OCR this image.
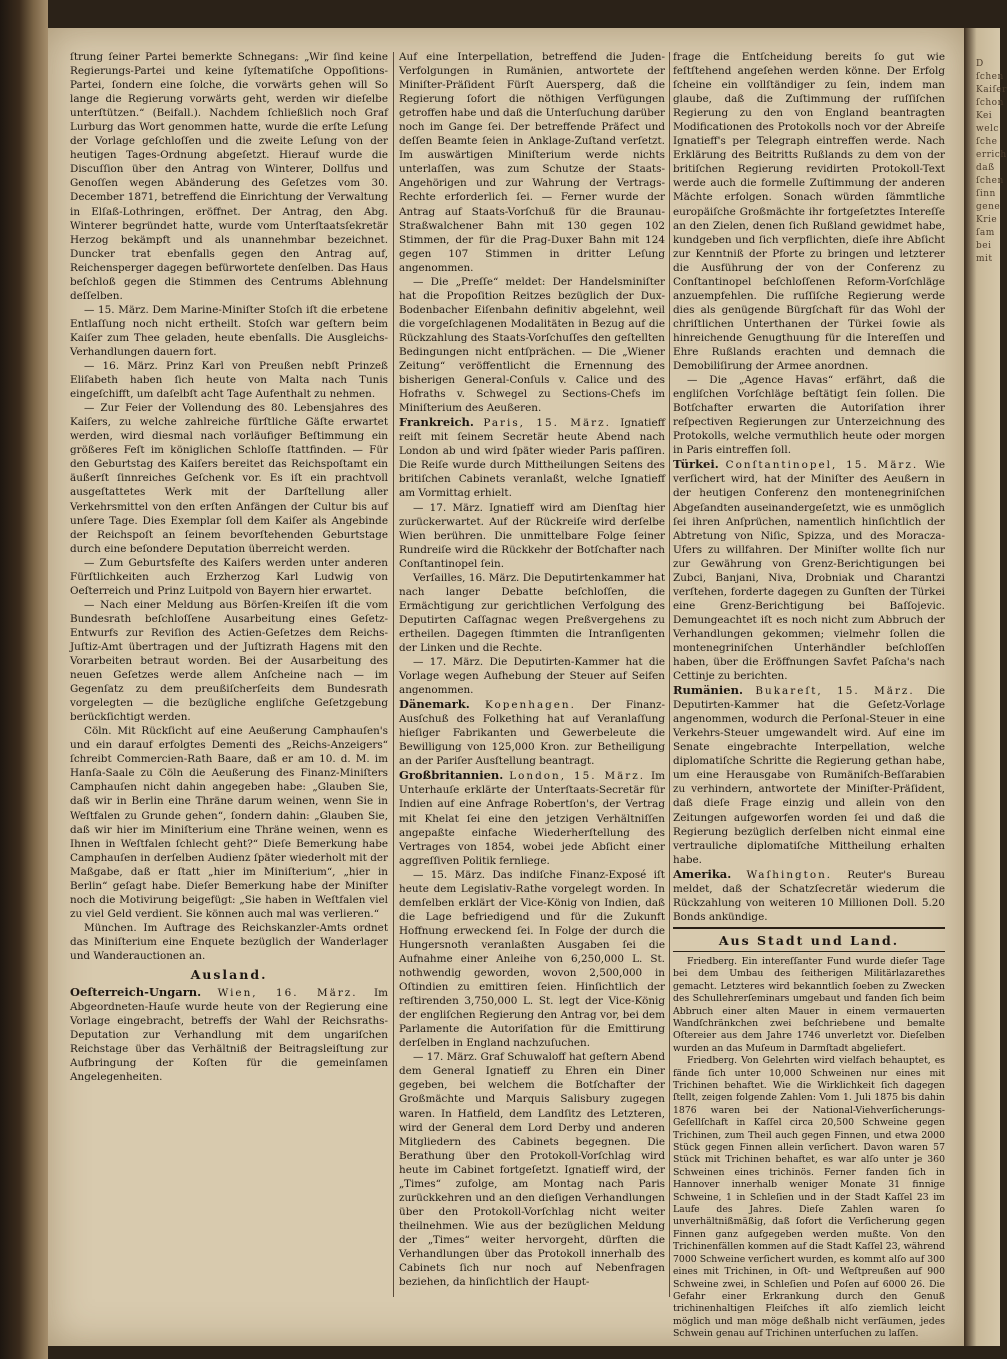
D ſchen Kaiſer ſchon Kei welc ſche errich daß ſchen ſinn gene Krie ſam bei mit

ſtrung ſeiner Partei bemerkte Schnegans: „Wir ſind keine Regierungs-Partei und keine ſyſtematiſche Oppoſitions-Partei, ſondern eine ſolche, die vorwärts gehen will So lange die Regierung vorwärts geht, werden wir dieſelbe unterſtützen.“ (Beifall.). Nachdem ſchließlich noch Graf Lurburg das Wort genommen hatte, wurde die erſte Leſung der Vorlage geſchloſſen und die zweite Leſung von der heutigen Tages-Ordnung abgeſetzt. Hierauf wurde die Discuſſion über den Antrag von Winterer, Dollfus und Genoſſen wegen Abänderung des Geſetzes vom 30. December 1871, betreffend die Einrichtung der Verwaltung in Elſaß-Lothringen, eröffnet. Der Antrag, den Abg. Winterer begründet hatte, wurde vom Unterſtaatsſekretär Herzog bekämpft und als unannehmbar bezeichnet. Duncker trat ebenfalls gegen den Antrag auf, Reichensperger dagegen befürwortete denſelben. Das Haus beſchloß gegen die Stimmen des Centrums Ablehnung deſſelben.

— 15. März. Dem Marine-Miniſter Stoſch iſt die erbetene Entlaſſung noch nicht ertheilt. Stoſch war geſtern beim Kaiſer zum Thee geladen, heute ebenſalls. Die Ausgleichs-Verhandlungen dauern fort.

— 16. März. Prinz Karl von Preußen nebſt Prinzeß Eliſabeth haben ſich heute von Malta nach Tunis eingeſchifft, um daſelbſt acht Tage Aufenthalt zu nehmen.

— Zur Feier der Vollendung des 80. Lebensjahres des Kaiſers, zu welche zahlreiche fürſtliche Gäſte erwartet werden, wird diesmal nach vorläufiger Beſtimmung ein größeres Feſt im königlichen Schloſſe ſtattfinden. — Für den Geburtstag des Kaiſers bereitet das Reichspoſtamt ein äußerſt ſinnreiches Geſchenk vor. Es iſt ein prachtvoll ausgeſtattetes Werk mit der Darſtellung aller Verkehrsmittel von den erſten Anfängen der Cultur bis auf unſere Tage. Dies Exemplar ſoll dem Kaiſer als Angebinde der Reichspoſt an ſeinem bevorſtehenden Geburtstage durch eine beſondere Deputation überreicht werden.

— Zum Geburtsfeſte des Kaiſers werden unter anderen Fürſtlichkeiten auch Erzherzog Karl Ludwig von Oeſterreich und Prinz Luitpold von Bayern hier erwartet.

— Nach einer Meldung aus Börſen-Kreiſen iſt die vom Bundesrath beſchloſſene Ausarbeitung eines Geſetz-Entwurfs zur Reviſion des Actien-Geſetzes dem Reichs-Juſtiz-Amt übertragen und der Juſtizrath Hagens mit den Vorarbeiten betraut worden. Bei der Ausarbeitung des neuen Geſetzes werde allem Anſcheine nach — im Gegenſatz zu dem preußiſcherſeits dem Bundesrath vorgelegten — die bezügliche engliſche Geſetzgebung berückſichtigt werden.

Cöln. Mit Rückſicht auf eine Aeußerung Camphauſen's und ein darauf erfolgtes Dementi des „Reichs-Anzeigers“ ſchreibt Commercien-Rath Baare, daß er am 10. d. M. im Hanſa-Saale zu Cöln die Aeußerung des Finanz-Miniſters Camphauſen nicht dahin angegeben habe: „Glauben Sie, daß wir in Berlin eine Thräne darum weinen, wenn Sie in Weſtfalen zu Grunde gehen“, ſondern dahin: „Glauben Sie, daß wir hier im Miniſterium eine Thräne weinen, wenn es Ihnen in Weſtfalen ſchlecht geht?“ Dieſe Bemerkung habe Camphauſen in derſelben Audienz ſpäter wiederholt mit der Maßgabe, daß er ſtatt „hier im Miniſterium“, „hier in Berlin“ geſagt habe. Dieſer Bemerkung habe der Miniſter noch die Motivirung beigefügt: „Sie haben in Weſtfalen viel zu viel Geld verdient. Sie können auch mal was verlieren.“

München. Im Auftrage des Reichskanzler-Amts ordnet das Miniſterium eine Enquete bezüglich der Wanderlager und Wanderauctionen an.

Ausland.

Oeſterreich-Ungarn. Wien, 16. März. Im Abgeordneten-Hauſe wurde heute von der Regierung eine Vorlage eingebracht, betreffs der Wahl der Reichsraths-Deputation zur Verhandlung mit dem ungariſchen Reichstage über das Verhältniß der Beitragsleiſtung zur Aufbringung der Koſten für die gemeinſamen Angelegenheiten.

Auf eine Interpellation, betreffend die Juden-Verfolgungen in Rumänien, antwortete der Miniſter-Präſident Fürſt Auersperg, daß die Regierung ſofort die nöthigen Verfügungen getroffen habe und daß die Unterſuchung darüber noch im Gange ſei. Der betreffende Präfect und deſſen Beamte ſeien in Anklage-Zuſtand verſetzt. Im auswärtigen Miniſterium werde nichts unterlaſſen, was zum Schutze der Staats-Angehörigen und zur Wahrung der Vertrags-Rechte erforderlich ſei. — Ferner wurde der Antrag auf Staats-Vorſchuß für die Braunau-Straßwalchener Bahn mit 130 gegen 102 Stimmen, der für die Prag-Duxer Bahn mit 124 gegen 107 Stimmen in dritter Leſung angenommen.

— Die „Preſſe“ meldet: Der Handelsminiſter hat die Propoſition Reitzes bezüglich der Dux-Bodenbacher Eiſenbahn definitiv abgelehnt, weil die vorgeſchlagenen Modalitäten in Bezug auf die Rückzahlung des Staats-Vorſchuſſes den geſtellten Bedingungen nicht entſprächen. — Die „Wiener Zeitung“ veröffentlicht die Ernennung des bisherigen General-Conſuls v. Calice und des Hofraths v. Schwegel zu Sections-Chefs im Miniſterium des Aeußeren.

Frankreich. Paris, 15. März. Ignatieff reiſt mit ſeinem Secretär heute Abend nach London ab und wird ſpäter wieder Paris paſſiren. Die Reiſe wurde durch Mittheilungen Seitens des britiſchen Cabinets veranlaßt, welche Ignatieff am Vormittag erhielt.

— 17. März. Ignatieff wird am Dienſtag hier zurückerwartet. Auf der Rückreiſe wird derſelbe Wien berühren. Die unmittelbare Folge ſeiner Rundreiſe wird die Rückkehr der Botſchafter nach Conſtantinopel ſein.

Verſailles, 16. März. Die Deputirtenkammer hat nach langer Debatte beſchloſſen, die Ermächtigung zur gerichtlichen Verfolgung des Deputirten Caſſagnac wegen Preßvergehens zu ertheilen. Dagegen ſtimmten die Intranſigenten der Linken und die Rechte.

— 17. März. Die Deputirten-Kammer hat die Vorlage wegen Aufhebung der Steuer auf Seifen angenommen.

Dänemark. Kopenhagen. Der Finanz-Ausſchuß des Folkething hat auf Veranlaſſung hieſiger Fabrikanten und Gewerbeleute die Bewilligung von 125,000 Kron. zur Betheiligung an der Pariſer Ausſtellung beantragt.

Großbritannien. London, 15. März. Im Unterhauſe erklärte der Unterſtaats-Secretär für Indien auf eine Anfrage Robertſon's, der Vertrag mit Khelat ſei eine den jetzigen Verhältniſſen angepaßte einfache Wiederherſtellung des Vertrages von 1854, wobei jede Abſicht einer aggreſſiven Politik fernliege.

— 15. März. Das indiſche Finanz-Exposé iſt heute dem Legislativ-Rathe vorgelegt worden. In demſelben erklärt der Vice-König von Indien, daß die Lage befriedigend und für die Zukunft Hoffnung erweckend ſei. In Folge der durch die Hungersnoth veranlaßten Ausgaben ſei die Aufnahme einer Anleihe von 6,250,000 L. St. nothwendig geworden, wovon 2,500,000 in Oſtindien zu emittiren ſeien. Hinſichtlich der reſtirenden 3,750,000 L. St. legt der Vice-König der engliſchen Regierung den Antrag vor, bei dem Parlamente die Autoriſation für die Emittirung derſelben in England nachzuſuchen.

— 17. März. Graf Schuwaloff hat geſtern Abend dem General Ignatieff zu Ehren ein Diner gegeben, bei welchem die Botſchafter der Großmächte und Marquis Salisbury zugegen waren. In Hatfield, dem Landſitz des Letzteren, wird der General dem Lord Derby und anderen Mitgliedern des Cabinets begegnen. Die Berathung über den Protokoll-Vorſchlag wird heute im Cabinet fortgeſetzt. Ignatieff wird, der „Times“ zufolge, am Montag nach Paris zurückkehren und an den dieſigen Verhandlungen über den Protokoll-Vorſchlag nicht weiter theilnehmen. Wie aus der bezüglichen Meldung der „Times“ weiter hervorgeht, dürften die Verhandlungen über das Protokoll innerhalb des Cabinets ſich nur noch auf Nebenfragen beziehen, da hinſichtlich der Haupt-

frage die Entſcheidung bereits ſo gut wie feſtſtehend angeſehen werden könne. Der Erfolg ſcheine ein vollſtändiger zu ſein, indem man glaube, daß die Zuſtimmung der ruſſiſchen Regierung zu den von England beantragten Modificationen des Protokolls noch vor der Abreiſe Ignatieff's per Telegraph eintreffen werde. Nach Erklärung des Beitritts Rußlands zu dem von der britiſchen Regierung revidirten Protokoll-Text werde auch die formelle Zuſtimmung der anderen Mächte erfolgen. Sonach würden ſämmtliche europäiſche Großmächte ihr fortgeſetztes Intereſſe an den Zielen, denen ſich Rußland gewidmet habe, kundgeben und ſich verpflichten, dieſe ihre Abſicht zur Kenntniß der Pforte zu bringen und letzterer die Ausführung der von der Conferenz zu Conſtantinopel beſchloſſenen Reform-Vorſchläge anzuempfehlen. Die ruſſiſche Regierung werde dies als genügende Bürgſchaft für das Wohl der chriſtlichen Unterthanen der Türkei ſowie als hinreichende Genugthuung für die Intereſſen und Ehre Rußlands erachten und demnach die Demobiliſirung der Armee anordnen.

— Die „Agence Havas“ erfährt, daß die engliſchen Vorſchläge beſtätigt ſein ſollen. Die Botſchafter erwarten die Autoriſation ihrer reſpectiven Regierungen zur Unterzeichnung des Protokolls, welche vermuthlich heute oder morgen in Paris eintreffen ſoll.

Türkei. Conſtantinopel, 15. März. Wie verſichert wird, hat der Miniſter des Aeußern in der heutigen Conferenz den montenegriniſchen Abgeſandten auseinandergeſetzt, wie es unmöglich ſei ihren Anſprüchen, namentlich hinſichtlich der Abtretung von Niſic, Spizza, und des Moracza-Ufers zu willfahren. Der Miniſter wollte ſich nur zur Gewährung von Grenz-Berichtigungen bei Zubci, Banjani, Niva, Drobniak und Charantzi verſtehen, forderte dagegen zu Gunſten der Türkei eine Grenz-Berichtigung bei Baſſojevic. Demungeachtet iſt es noch nicht zum Abbruch der Verhandlungen gekommen; vielmehr ſollen die montenegriniſchen Unterhändler beſchloſſen haben, über die Eröffnungen Savfet Paſcha's nach Cettinje zu berichten.

Rumänien. Bukareſt, 15. März. Die Deputirten-Kammer hat die Geſetz-Vorlage angenommen, wodurch die Perſonal-Steuer in eine Verkehrs-Steuer umgewandelt wird. Auf eine im Senate eingebrachte Interpellation, welche diplomatiſche Schritte die Regierung gethan habe, um eine Herausgabe von Rumäniſch-Beſſarabien zu verhindern, antwortete der Miniſter-Präſident, daß dieſe Frage einzig und allein von den Zeitungen aufgeworfen worden ſei und daß die Regierung bezüglich derſelben nicht einmal eine vertrauliche diplomatiſche Mittheilung erhalten habe.

Amerika. Waſhington. Reuter's Bureau meldet, daß der Schatzſecretär wiederum die Rückzahlung von weiteren 10 Millionen Doll. 5.20 Bonds ankündige.

Aus Stadt und Land.

Friedberg. Ein intereſſanter Fund wurde dieſer Tage bei dem Umbau des ſeitherigen Militärlazarethes gemacht. Letzteres wird bekanntlich ſoeben zu Zwecken des Schullehrerſeminars umgebaut und fanden ſich beim Abbruch einer alten Mauer in einem vermauerten Wandſchränkchen zwei beſchriebene und bemalte Oſtereier aus dem Jahre 1746 unverletzt vor. Dieſelben wurden an das Muſeum in Darmſtadt abgeliefert.

Friedberg. Von Gelehrten wird vielfach behauptet, es fände ſich unter 10,000 Schweinen nur eines mit Trichinen behaftet. Wie die Wirklichkeit ſich dagegen ſtellt, zeigen folgende Zahlen: Vom 1. Juli 1875 bis dahin 1876 waren bei der National-Viehverſicherungs-Geſellſchaft in Kaſſel circa 20,500 Schweine gegen Trichinen, zum Theil auch gegen Finnen, und etwa 2000 Stück gegen Finnen allein verſichert. Davon waren 57 Stück mit Trichinen behaftet, es war alſo unter je 360 Schweinen eines trichinös. Ferner fanden ſich in Hannover innerhalb weniger Monate 31 finnige Schweine, 1 in Schleſien und in der Stadt Kaſſel 23 im Laufe des Jahres. Dieſe Zahlen waren ſo unverhältnißmäßig, daß ſofort die Verſicherung gegen Finnen ganz aufgegeben werden mußte. Von den Trichinenfällen kommen auf die Stadt Kaſſel 23, während 7000 Schweine verſichert wurden, es kommt alſo auf 300 eines mit Trichinen, in Oſt- und Weſtpreußen auf 900 Schweine zwei, in Schleſien und Poſen auf 6000 26. Die Gefahr einer Erkrankung durch den Genuß trichinenhaltigen Fleiſches iſt alſo ziemlich leicht möglich und man möge deßhalb nicht verſäumen, jedes Schwein genau auf Trichinen unterſuchen zu laſſen.
